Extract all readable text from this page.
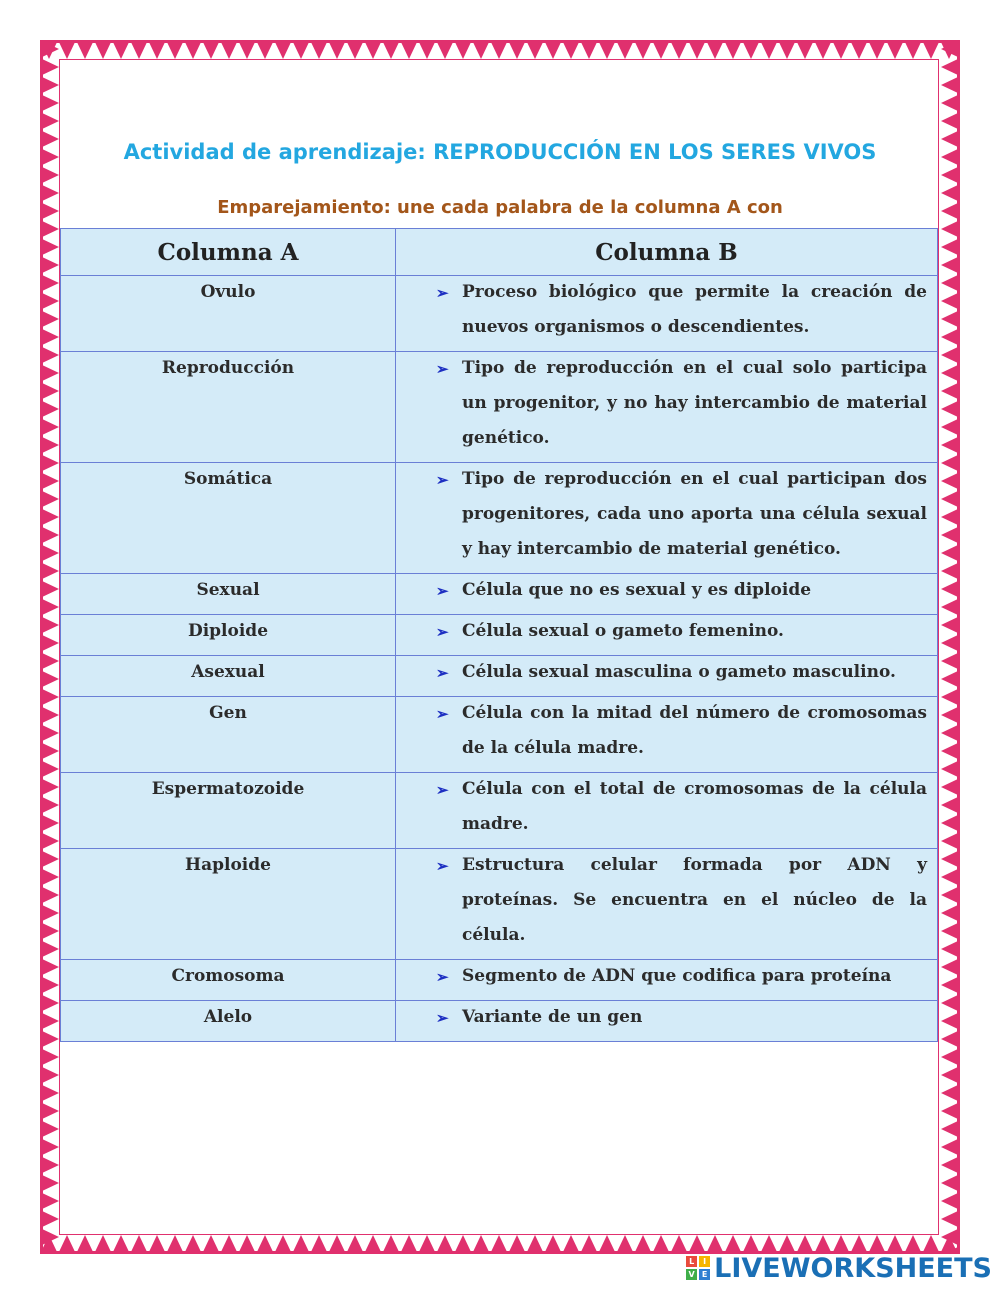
Actividad de aprendizaje: REPRODUCCIÓN EN LOS SERES VIVOS
Emparejamiento: une cada palabra de la columna A con
Columna A	Columna B
Ovulo	➢ Proceso biológico que permite la creación de nuevos organismos o descendientes.

Reproducción	➢ Tipo de reproducción en el cual solo participa un progenitor, y no hay intercambio de material genético.

Somática	➢ Tipo de reproducción en el cual participan dos progenitores, cada uno aporta una célula sexual y hay intercambio de material genético.

Sexual	➢ Célula que no es sexual y es diploide

Diploide	➢ Célula sexual o gameto femenino.

Asexual	➢ Célula sexual masculina o gameto masculino.

Gen	➢ Célula con la mitad del número de cromosomas de la célula madre.

Espermatozoide	➢ Célula con el total de cromosomas de la célula madre.

Haploide	➢ Estructura celular formada por ADN y proteínas. Se encuentra en el núcleo de la célula.

Cromosoma	➢ Segmento de ADN que codifica para proteína

Alelo	➢ Variante de un gen
L	I
V E LIVEWORKSHEETS
